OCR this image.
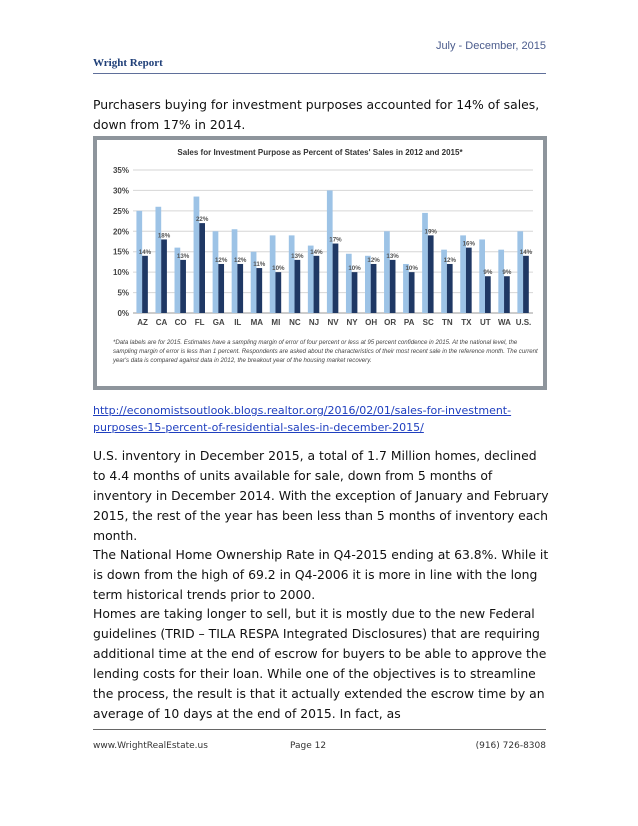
July - December, 2015
Wright Report

Purchasers buying for investment purposes accounted for 14% of sales, down from 17% in 2014.

Sales for Investment Purpose as Percent of States' Sales in 2012 and 2015*
0%
5%
10%
15%
20%
25%
30%
35%
14%
AZ
18%
CA
13%
CO
22%
FL
12%
GA
12%
IL
11%
MA
10%
MI
13%
NC
14%
NJ
17%
NV
10%
NY
12%
OH
13%
OR
10%
PA
19%
SC
12%
TN
16%
TX
9%
UT
9%
WA
14%
U.S.
*Data labels are for 2015. Estimates have a sampling margin of error of four percent or less at 95 percent confidence in 2015. At the national level, the sampling margin of error is less than 1 percent. Respondents are asked about the characteristics of their most recent sale in the reference month. The current year's data is compared against data in 2012, the breakout year of the housing market recovery.
http://economistsoutlook.blogs.realtor.org/2016/02/01/sales-for-investment-purposes-15-percent-of-residential-sales-in-december-2015/

U.S. inventory in December 2015, a total of 1.7 Million homes, declined to 4.4 months of units available for sale, down from 5 months of inventory in December 2014. With the exception of January and February 2015, the rest of the year has been less than 5 months of inventory each month.

The National Home Ownership Rate in Q4-2015 ending at 63.8%. While it is down from the high of 69.2 in Q4-2006 it is more in line with the long term historical trends prior to 2000.

Homes are taking longer to sell, but it is mostly due to the new Federal guidelines (TRID – TILA RESPA Integrated Disclosures) that are requiring additional time at the end of escrow for buyers to be able to approve the lending costs for their loan. While one of the objectives is to streamline the process, the result is that it actually extended the escrow time by an average of 10 days at the end of 2015. In fact, as

www.WrightRealEstate.us	Page 12	(916) 726-8308
